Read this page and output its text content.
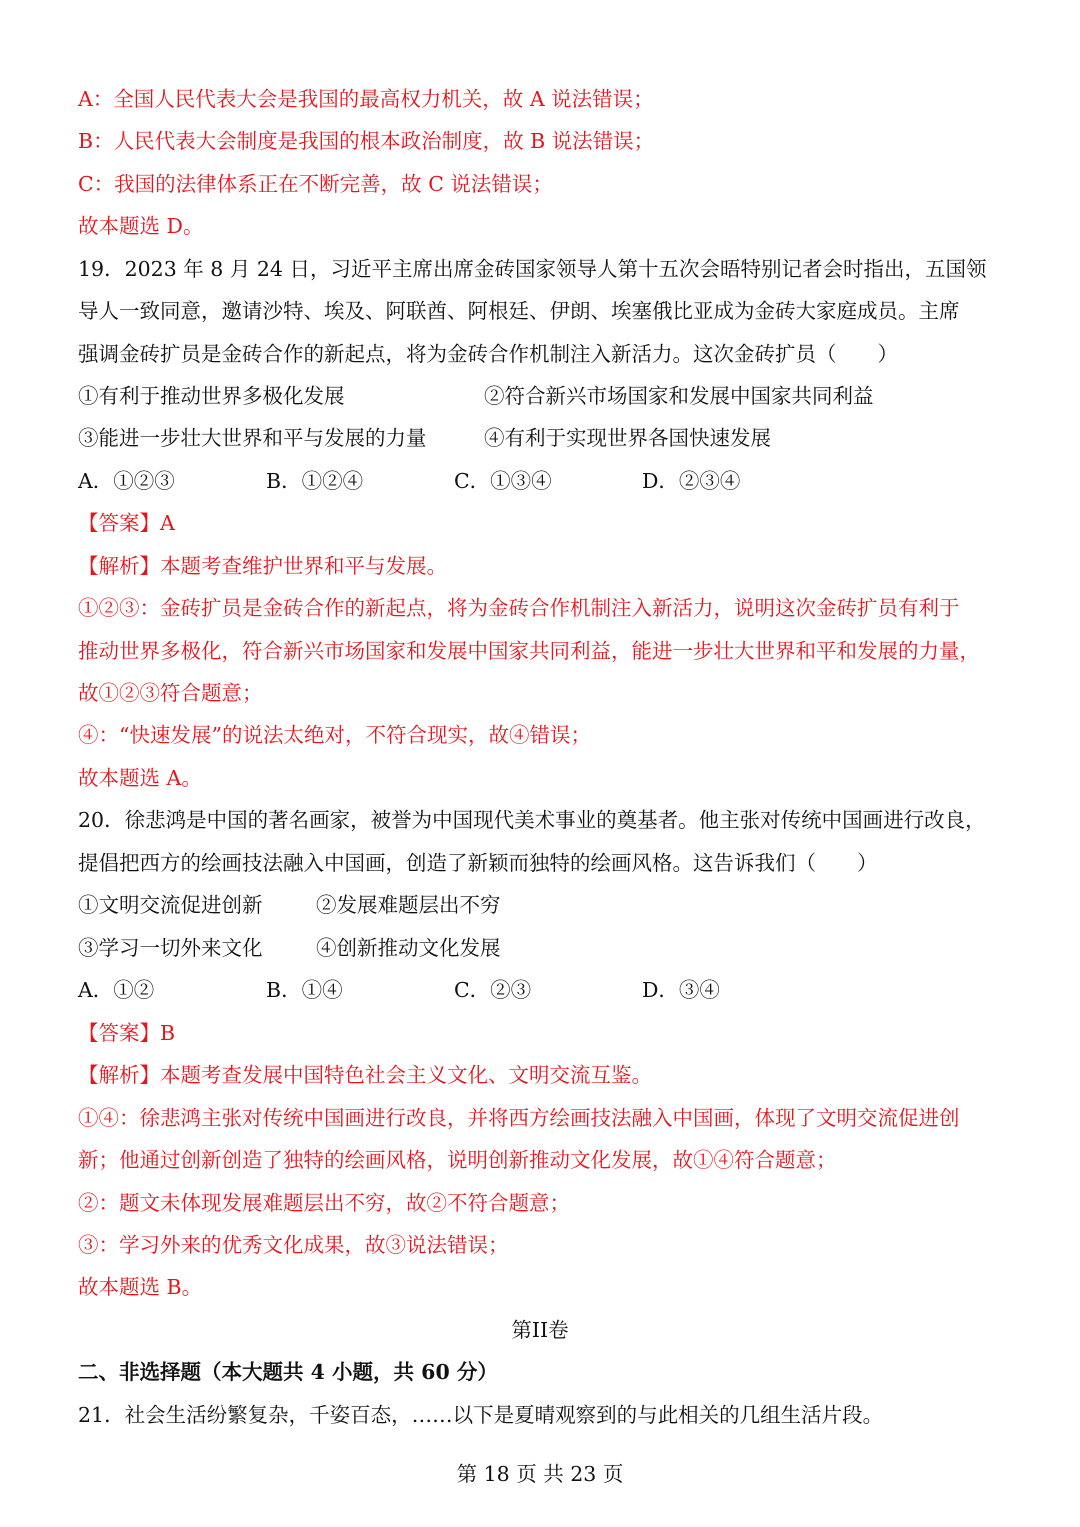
A：全国人民代表大会是我国的最高权力机关，故 A 说法错误；
B：人民代表大会制度是我国的根本政治制度，故 B 说法错误；
C：我国的法律体系正在不断完善，故 C 说法错误；
故本题选 D。
19．2023 年 8 月 24 日，习近平主席出席金砖国家领导人第十五次会晤特别记者会时指出，五国领
导人一致同意，邀请沙特、埃及、阿联酋、阿根廷、伊朗、埃塞俄比亚成为金砖大家庭成员。主席
强调金砖扩员是金砖合作的新起点，将为金砖合作机制注入新活力。这次金砖扩员（　　）
①有利于推动世界多极化发展	②符合新兴市场国家和发展中国家共同利益
③能进一步壮大世界和平与发展的力量	④有利于实现世界各国快速发展
A．①②③	B．①②④	C．①③④	D．②③④
【答案】A
【解析】本题考查维护世界和平与发展。
①②③：金砖扩员是金砖合作的新起点，将为金砖合作机制注入新活力，说明这次金砖扩员有利于
推动世界多极化，符合新兴市场国家和发展中国家共同利益，能进一步壮大世界和平和发展的力量，
故①②③符合题意；
④：“快速发展”的说法太绝对，不符合现实，故④错误；
故本题选 A。
20．徐悲鸿是中国的著名画家，被誉为中国现代美术事业的奠基者。他主张对传统中国画进行改良，
提倡把西方的绘画技法融入中国画，创造了新颖而独特的绘画风格。这告诉我们（　　）
①文明交流促进创新	②发展难题层出不穷
③学习一切外来文化	④创新推动文化发展
A．①②	B．①④	C．②③	D．③④
【答案】B
【解析】本题考查发展中国特色社会主义文化、文明交流互鉴。
①④：徐悲鸿主张对传统中国画进行改良，并将西方绘画技法融入中国画，体现了文明交流促进创
新；他通过创新创造了独特的绘画风格，说明创新推动文化发展，故①④符合题意；
②：题文未体现发展难题层出不穷，故②不符合题意；
③：学习外来的优秀文化成果，故③说法错误；
故本题选 B。
第II卷
二、非选择题（本大题共 4 小题，共 60 分）
21．社会生活纷繁复杂，千姿百态，……以下是夏晴观察到的与此相关的几组生活片段。
第 18 页 共 23 页
